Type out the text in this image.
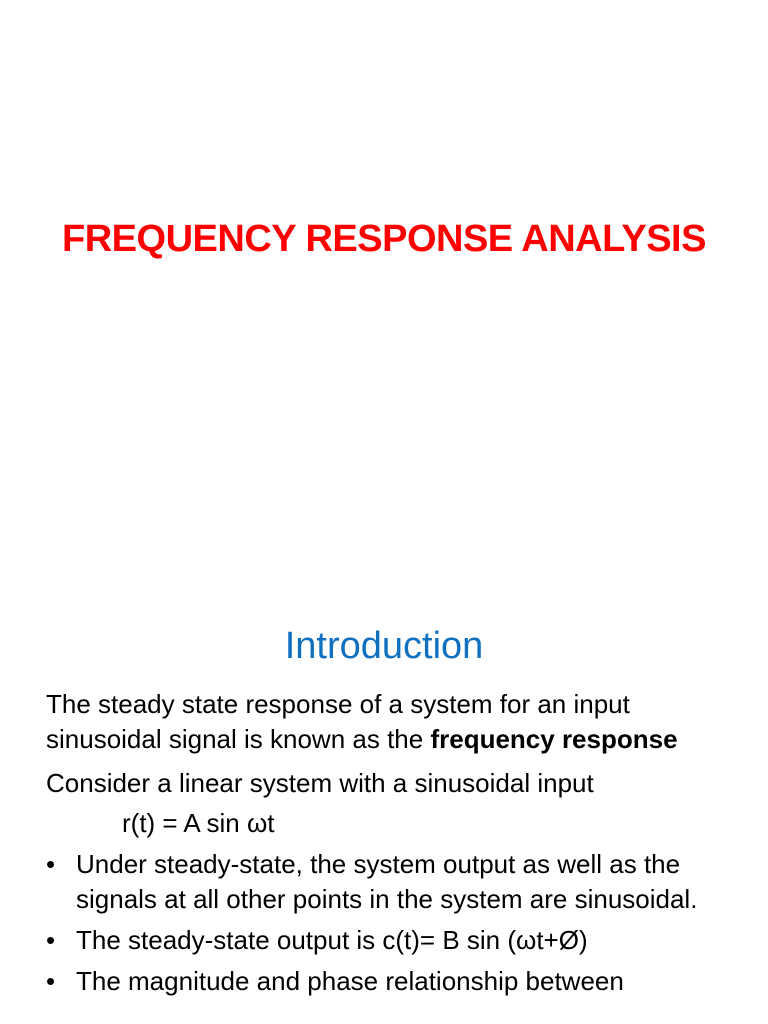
FREQUENCY RESPONSE ANALYSIS
Introduction

The steady state response of a system for an input sinusoidal signal is known as the frequency response

Consider a linear system with a sinusoidal input

r(t) = A sin ωt
• Under steady-state, the system output as well as the signals at all other points in the system are sinusoidal.
• The steady-state output is c(t)= B sin (ωt+Ø)
• The magnitude and phase relationship between
